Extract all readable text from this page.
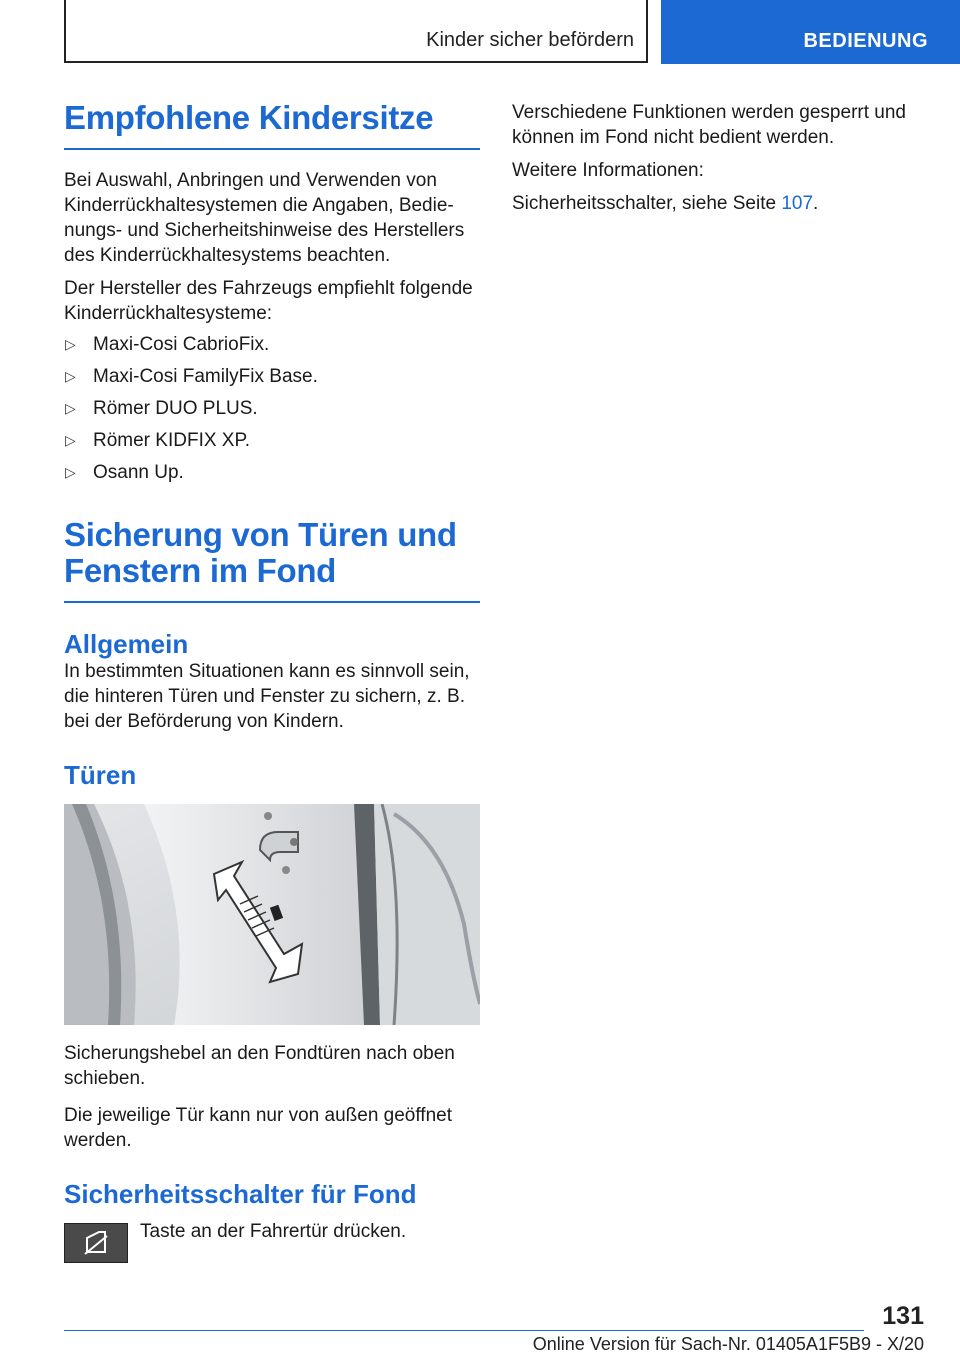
Kinder sicher befördern	BEDIENUNG
Empfohlene Kindersitze

Bei Auswahl, Anbringen und Verwenden von Kinderrückhaltesystemen die Angaben, Bedie-nungs- und Sicherheitshinweise des Herstellers des Kinderrückhaltesystems beachten.

Der Hersteller des Fahrzeugs empfiehlt folgende Kinderrückhaltesysteme:

▷ Maxi-Cosi CabrioFix.
▷ Maxi-Cosi FamilyFix Base.
▷ Römer DUO PLUS.
▷ Römer KIDFIX XP.
▷ Osann Up.
Sicherung von Türen und Fenstern im Fond
Allgemein

In bestimmten Situationen kann es sinnvoll sein, die hinteren Türen und Fenster zu sichern, z. B. bei der Beförderung von Kindern.

Türen

Sicherungshebel an den Fondtüren nach oben schieben.

Die jeweilige Tür kann nur von außen geöffnet werden.

Sicherheitsschalter für Fond
Taste an der Fahrertür drücken.

Verschiedene Funktionen werden gesperrt und können im Fond nicht bedient werden.

Weitere Informationen:

Sicherheitsschalter, siehe Seite 107.

131
Online Version für Sach-Nr. 01405A1F5B9 - X/20
